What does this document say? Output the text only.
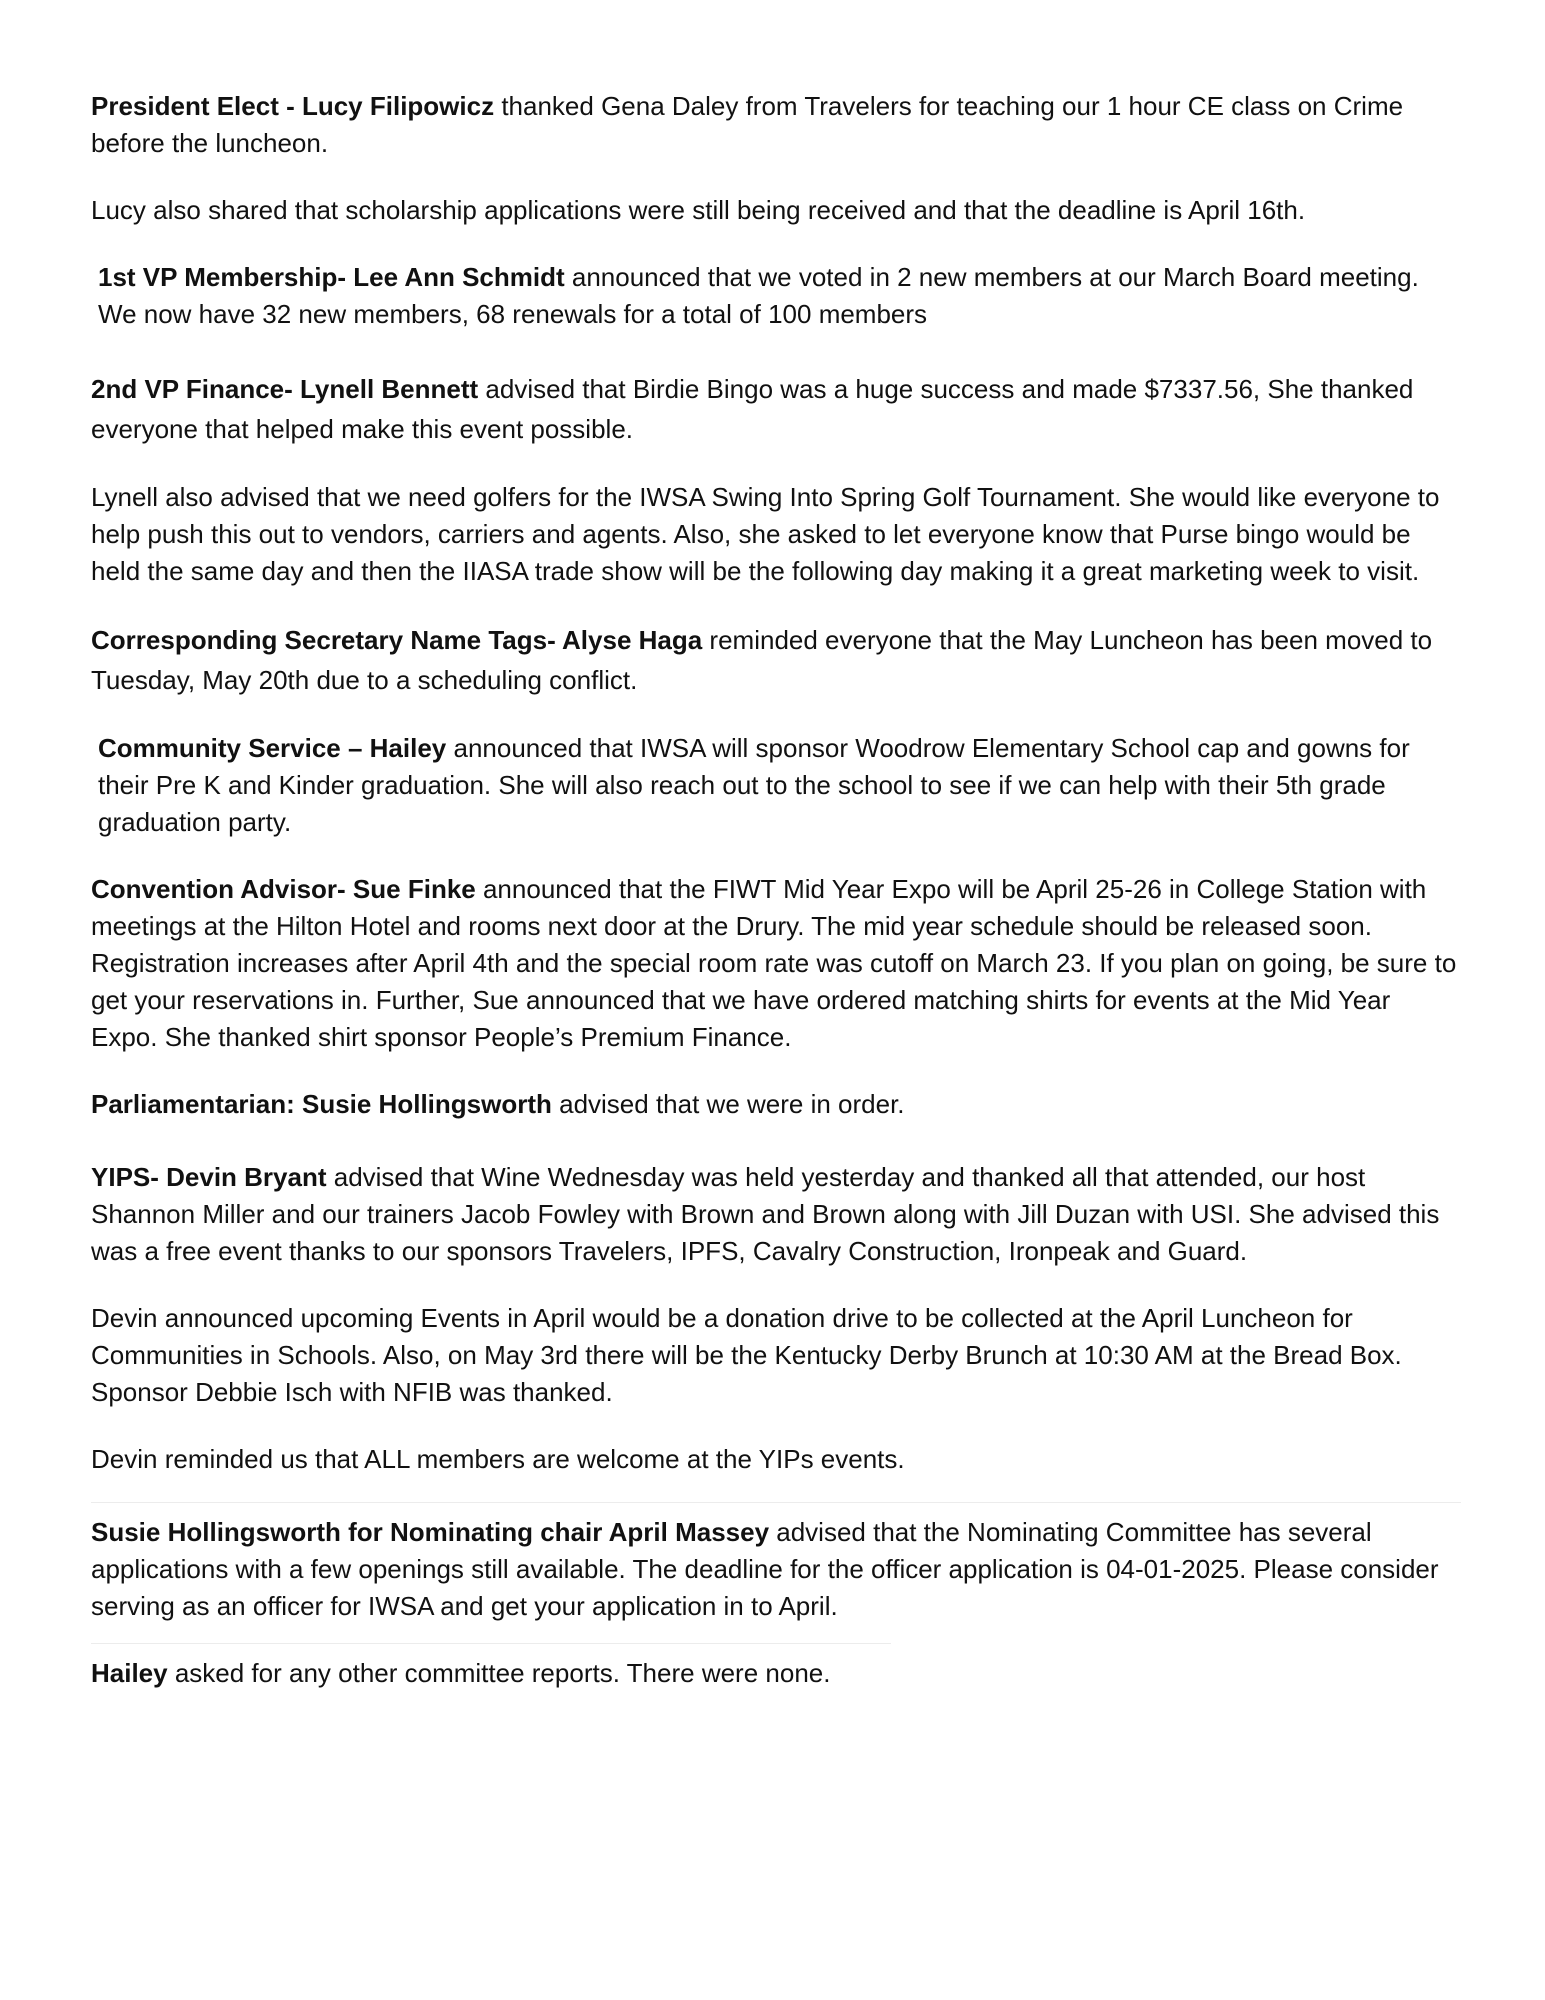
President Elect - Lucy Filipowicz thanked Gena Daley from Travelers for teaching our 1 hour CE class on Crime before the luncheon.

Lucy also shared that scholarship applications were still being received and that the deadline is April 16th.

1st VP Membership- Lee Ann Schmidt announced that we voted in 2 new members at our March Board meeting. We now have 32 new members, 68 renewals for a total of 100 members

2nd VP Finance- Lynell Bennett advised that Birdie Bingo was a huge success and made $7337.56, She thanked everyone that helped make this event possible.

Lynell also advised that we need golfers for the IWSA Swing Into Spring Golf Tournament. She would like everyone to help push this out to vendors, carriers and agents. Also, she asked to let everyone know that Purse bingo would be held the same day and then the IIASA trade show will be the following day making it a great marketing week to visit.

Corresponding Secretary Name Tags- Alyse Haga reminded everyone that the May Luncheon has been moved to Tuesday, May 20th due to a scheduling conflict.

Community Service – Hailey announced that IWSA will sponsor Woodrow Elementary School cap and gowns for their Pre K and Kinder graduation. She will also reach out to the school to see if we can help with their 5th grade graduation party.

Convention Advisor- Sue Finke announced that the FIWT Mid Year Expo will be April 25-26 in College Station with meetings at the Hilton Hotel and rooms next door at the Drury. The mid year schedule should be released soon. Registration increases after April 4th and the special room rate was cutoff on March 23. If you plan on going, be sure to get your reservations in. Further, Sue announced that we have ordered matching shirts for events at the Mid Year Expo. She thanked shirt sponsor People’s Premium Finance.

Parliamentarian: Susie Hollingsworth advised that we were in order.

YIPS- Devin Bryant advised that Wine Wednesday was held yesterday and thanked all that attended, our host Shannon Miller and our trainers Jacob Fowley with Brown and Brown along with Jill Duzan with USI. She advised this was a free event thanks to our sponsors Travelers, IPFS, Cavalry Construction, Ironpeak and Guard.

Devin announced upcoming Events in April would be a donation drive to be collected at the April Luncheon for Communities in Schools. Also, on May 3rd there will be the Kentucky Derby Brunch at 10:30 AM at the Bread Box. Sponsor Debbie Isch with NFIB was thanked.

Devin reminded us that ALL members are welcome at the YIPs events.

Susie Hollingsworth for Nominating chair April Massey advised that the Nominating Committee has several applications with a few openings still available. The deadline for the officer application is 04-01-2025. Please consider serving as an officer for IWSA and get your application in to April.

Hailey asked for any other committee reports. There were none.
